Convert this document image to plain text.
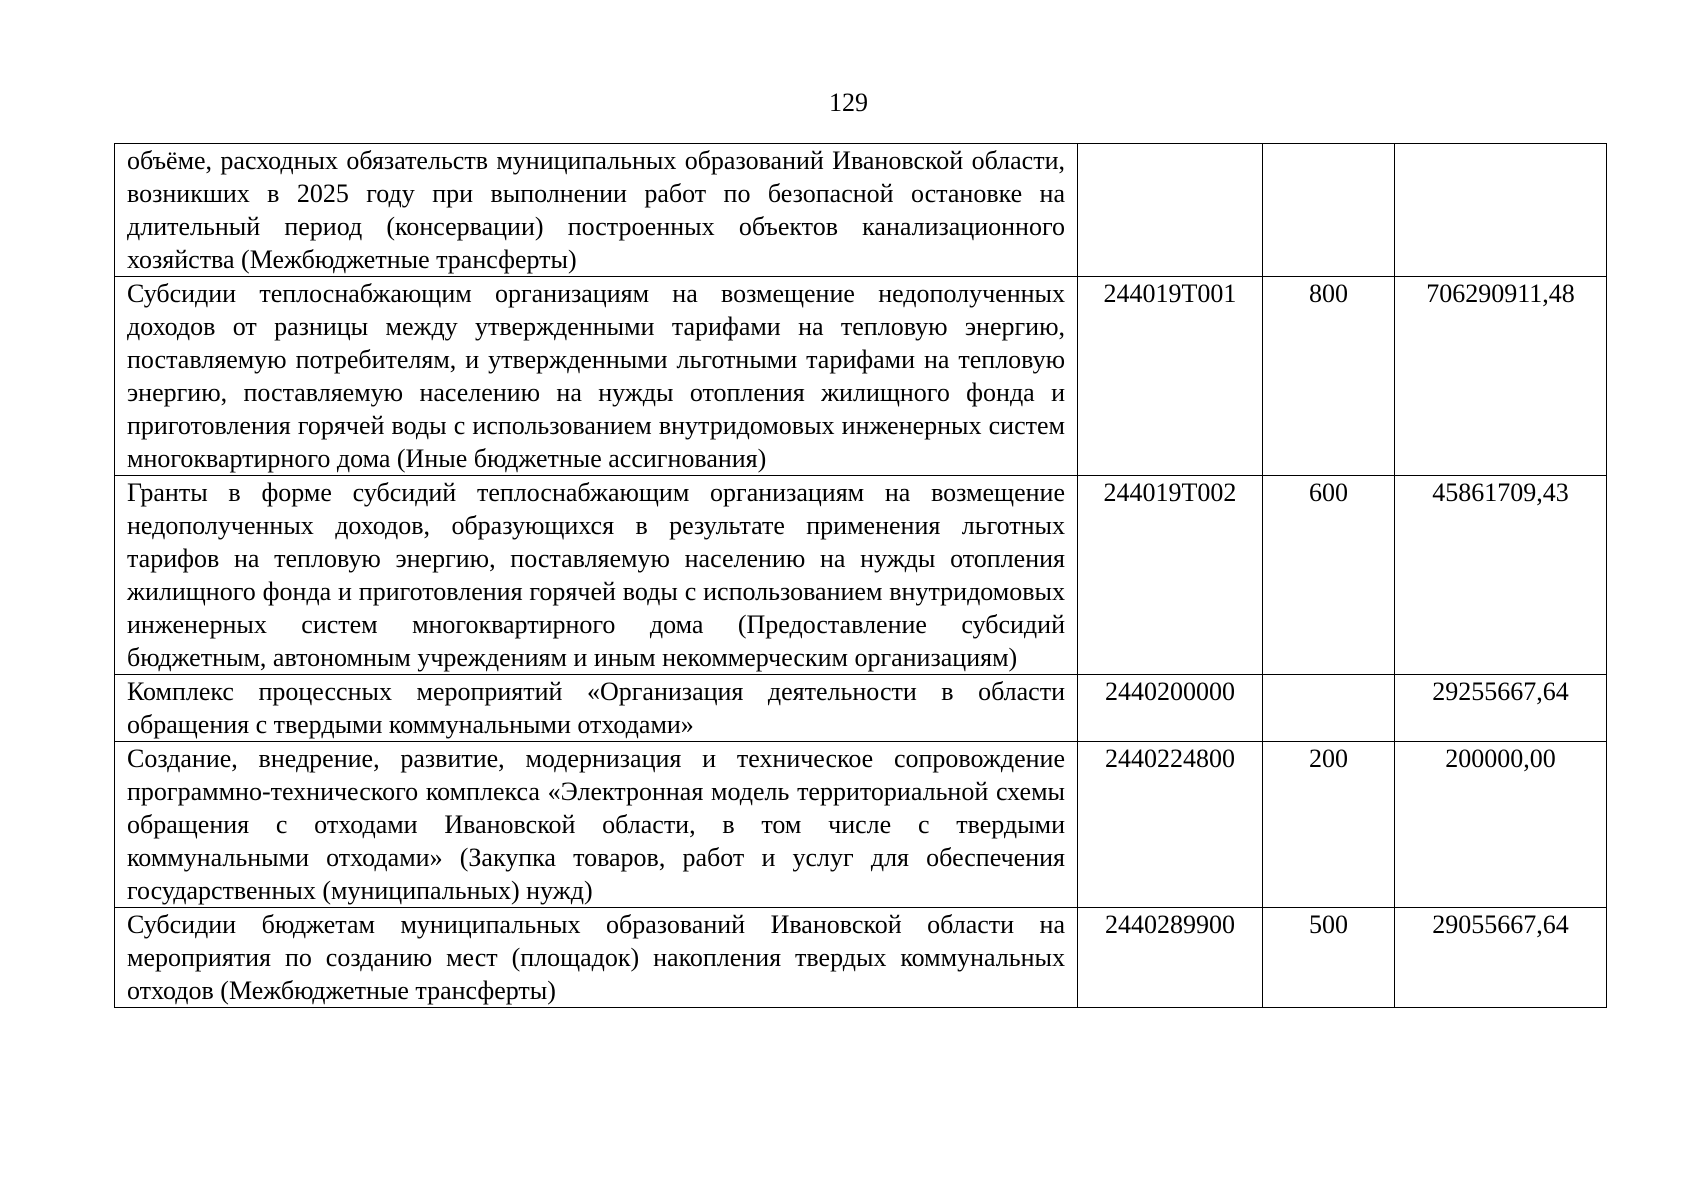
129
объёме, расходных обязательств муниципальных образований Ивановской области, возникших в 2025 году при выполнении работ по безопасной остановке на длительный период (консервации) построенных объектов канализационного хозяйства (Межбюджетные трансферты)			
Субсидии теплоснабжающим организациям на возмещение недополученных доходов от разницы между утвержденными тарифами на тепловую энергию, поставляемую потребителям, и утвержденными льготными тарифами на тепловую энергию, поставляемую населению на нужды отопления жилищного фонда и приготовления горячей воды с использованием внутридомовых инженерных систем многоквартирного дома (Иные бюджетные ассигнования)	244019Т001	800	706290911,48
Гранты в форме субсидий теплоснабжающим организациям на возмещение недополученных доходов, образующихся в результате применения льготных тарифов на тепловую энергию, поставляемую населению на нужды отопления жилищного фонда и приготовления горячей воды с использованием внутридомовых инженерных систем многоквартирного дома (Предоставление субсидий бюджетным, автономным учреждениям и иным некоммерческим организациям)	244019Т002	600	45861709,43
Комплекс процессных мероприятий «Организация деятельности в области обращения с твердыми коммунальными отходами»	2440200000		29255667,64
Создание, внедрение, развитие, модернизация и техническое сопровождение программно-технического комплекса «Электронная модель территориальной схемы обращения с отходами Ивановской области, в том числе с твердыми коммунальными отходами» (Закупка товаров, работ и услуг для обеспечения государственных (муниципальных) нужд)	2440224800	200	200000,00
Субсидии бюджетам муниципальных образований Ивановской области на мероприятия по созданию мест (площадок) накопления твердых коммунальных отходов (Межбюджетные трансферты)	2440289900	500	29055667,64
